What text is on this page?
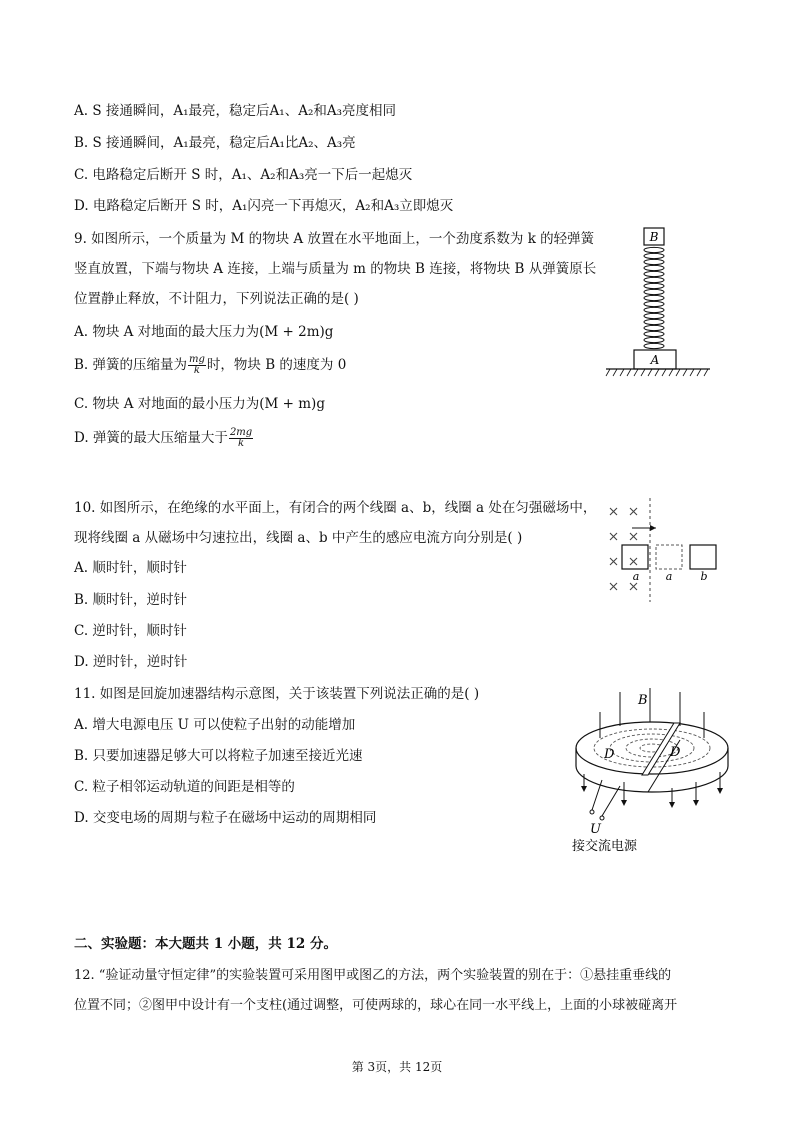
A. S 接通瞬间，A₁最亮，稳定后A₁、A₂和A₃亮度相同
B. S 接通瞬间，A₁最亮，稳定后A₁比A₂、A₃亮
C. 电路稳定后断开 S 时，A₁、A₂和A₃亮一下后一起熄灭
D. 电路稳定后断开 S 时，A₁闪亮一下再熄灭，A₂和A₃立即熄灭
9. 如图所示，一个质量为 M 的物块 A 放置在水平地面上，一个劲度系数为 k 的轻弹簧
竖直放置，下端与物块 A 连接，上端与质量为 m 的物块 B 连接，将物块 B 从弹簧原长
位置静止释放，不计阻力，下列说法正确的是( )
A. 物块 A 对地面的最大压力为(M + 2m)g
B. 弹簧的压缩量为 $\frac{mg}{k}$ 时，物块 B 的速度为 0
C. 物块 A 对地面的最小压力为(M + m)g
D. 弹簧的最大压缩量大于 $\frac{2mg}{k}$
B
A
10. 如图所示，在绝缘的水平面上，有闭合的两个线圈 a、b，线圈 a 处在匀强磁场中，
现将线圈 a 从磁场中匀速拉出，线圈 a、b 中产生的感应电流方向分别是( )
A. 顺时针，顺时针
B. 顺时针，逆时针
C. 逆时针，顺时针
D. 逆时针，逆时针
a a	b
11. 如图是回旋加速器结构示意图，关于该装置下列说法正确的是( )
A. 增大电源电压 U 可以使粒子出射的动能增加
B. 只要加速器足够大可以将粒子加速至接近光速
C. 粒子相邻运动轨道的间距是相等的
D. 交变电场的周期与粒子在磁场中运动的周期相同
B
D	D
U
接交流电源
二、实验题：本大题共 1 小题，共 12 分。
12. “验证动量守恒定律”的实验装置可采用图甲或图乙的方法，两个实验装置的别在于：①悬挂重垂线的
位置不同；②图甲中设计有一个支柱(通过调整，可使两球的，球心在同一水平线上，上面的小球被碰离开
第 3页，共 12页
